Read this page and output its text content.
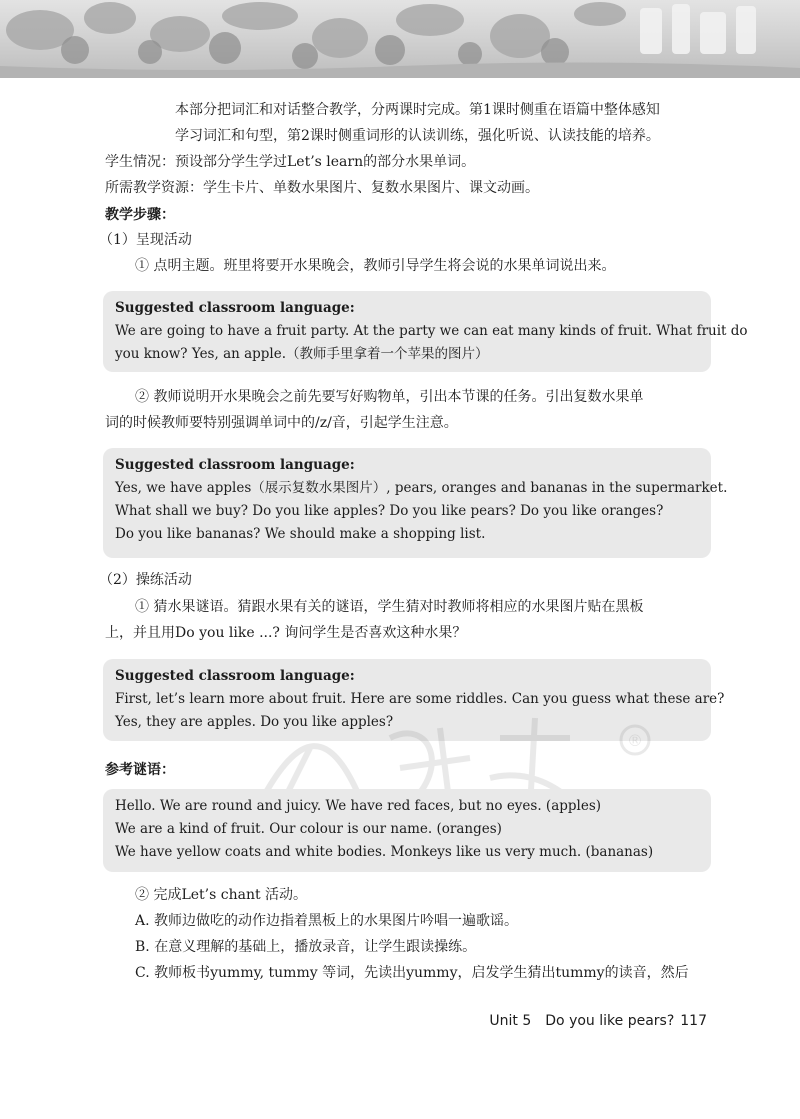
本部分把词汇和对话整合教学，分两课时完成。第1课时侧重在语篇中整体感知
学习词汇和句型，第2课时侧重词形的认读训练，强化听说、认读技能的培养。
学生情况：预设部分学生学过Let’s learn的部分水果单词。
所需教学资源：学生卡片、单数水果图片、复数水果图片、课文动画。
教学步骤：
（1）呈现活动
① 点明主题。班里将要开水果晚会，教师引导学生将会说的水果单词说出来。
Suggested classroom language:
We are going to have a fruit party. At the party we can eat many kinds of fruit. What fruit do
you know? Yes, an apple.（教师手里拿着一个苹果的图片）
② 教师说明开水果晚会之前先要写好购物单，引出本节课的任务。引出复数水果单
词的时候教师要特别强调单词中的/z/音，引起学生注意。
Suggested classroom language:
Yes, we have apples（展示复数水果图片）, pears, oranges and bananas in the supermarket.
What shall we buy? Do you like apples? Do you like pears? Do you like oranges?
Do you like bananas? We should make a shopping list.
（2）操练活动
① 猜水果谜语。猜跟水果有关的谜语，学生猜对时教师将相应的水果图片贴在黑板
上，并且用Do you like ...? 询问学生是否喜欢这种水果？
Suggested classroom language:
First, let’s learn more about fruit. Here are some riddles. Can you guess what these are?
Yes, they are apples. Do you like apples?
®
参考谜语：
Hello. We are round and juicy. We have red faces, but no eyes. (apples)
We are a kind of fruit. Our colour is our name. (oranges)
We have yellow coats and white bodies. Monkeys like us very much. (bananas)
② 完成Let’s chant 活动。
A. 教师边做吃的动作边指着黑板上的水果图片吟唱一遍歌谣。
B. 在意义理解的基础上，播放录音，让学生跟读操练。
C. 教师板书yummy, tummy 等词，先读出yummy，启发学生猜出tummy的读音，然后
Unit 5 Do you like pears? 117
